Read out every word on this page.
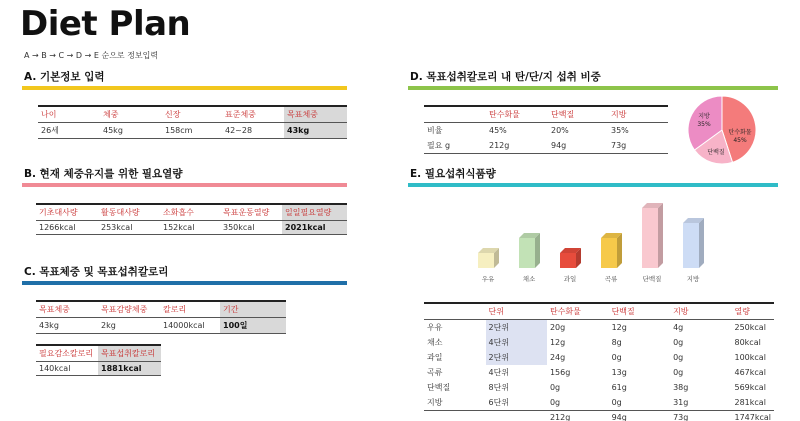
Diet Plan
A → B → C → D → E 순으로 정보입력
A. 기본정보 입력
나이	체중	신장	표준체중	목표체중
26세	45kg	158cm	42~28	43kg
B. 현재 체중유지를 위한 필요열량
기초대사량	활동대사량	소화흡수	목표운동열량	일일필요열량
1266kcal	253kcal	152kcal	350kcal	2021kcal
C. 목표체중 및 목표섭취칼로리
목표체중	목표감량체중	칼로리	기간
43kg	2kg	14000kcal	100일
필요감소칼로리	목표섭취칼로리
140kcal	1881kcal
D. 목표섭취칼로리 내 탄/단/지 섭취 비중
	탄수화물	단백질	지방
비율	45%	20%	35%
필요 g	212g	94g	73g
탄수화물
45%
단백질
지방
35%
E. 필요섭취식품량
우유	채소	과일	곡류	단백질	지방
	단위	탄수화물	단백질	지방	열량
우유	2단위	20g	12g	4g	250kcal
채소	4단위	12g	8g	0g	80kcal
과일	2단위	24g	0g	0g	100kcal
곡류	4단위	156g	13g	0g	467kcal
단백질	8단위	0g	61g	38g	569kcal
지방	6단위	0g	0g	31g	281kcal
		212g	94g	73g	1747kcal
